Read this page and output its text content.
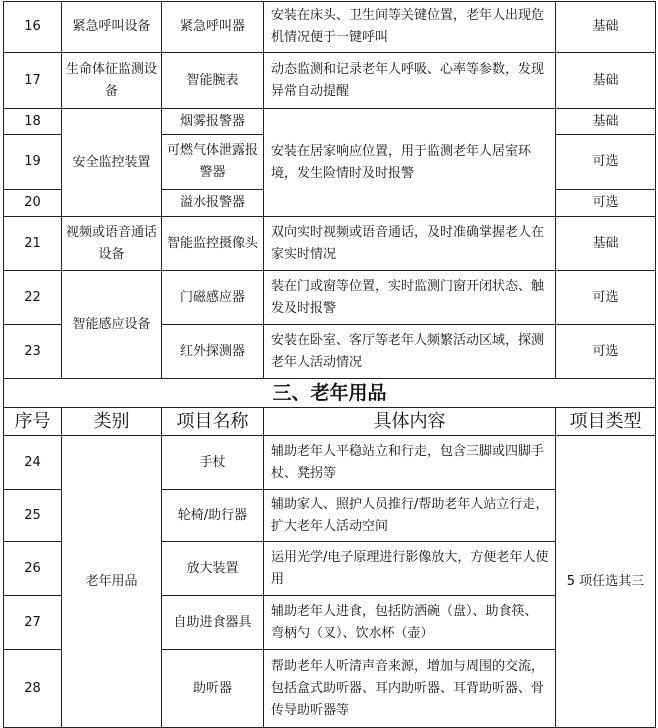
16	紧急呼叫设备	紧急呼叫器	安装在床头、卫生间等关键位置，老年人出现危机情况便于一键呼叫	基础
17	生命体征监测设备	智能腕表	动态监测和记录老年人呼吸、心率等参数，发现异常自动提醒	基础
18	安全监控装置	烟雾报警器	安装在居家响应位置，用于监测老年人居室环境，发生险情时及时报警	基础
19		可燃气体泄露报警器		可选
20		溢水报警器		可选
21	视频或语音通话设备	智能监控摄像头	双向实时视频或语音通话，及时准确掌握老人在家实时情况	基础
22	智能感应设备	门磁感应器	装在门或窗等位置，实时监测门窗开闭状态、触发及时报警	可选
23		红外探测器	安装在卧室、客厅等老年人频繁活动区域，探测老年人活动情况	可选
三、老年用品				
序号	类别	项目名称	具体内容	项目类型
24	老年用品	手杖	辅助老年人平稳站立和行走，包含三脚或四脚手杖、凳拐等	5 项任选其三
25		轮椅/助行器	辅助家人、照护人员推行/帮助老年人站立行走，扩大老年人活动空间	
26		放大装置	运用光学/电子原理进行影像放大，方便老年人使用	
27		自助进食器具	辅助老年人进食，包括防洒碗（盘）、助食筷、弯柄勺（叉）、饮水杯（壶）	
28		助听器	帮助老年人听清声音来源，增加与周围的交流，包括盒式助听器、耳内助听器、耳背助听器、骨传导助听器等	
